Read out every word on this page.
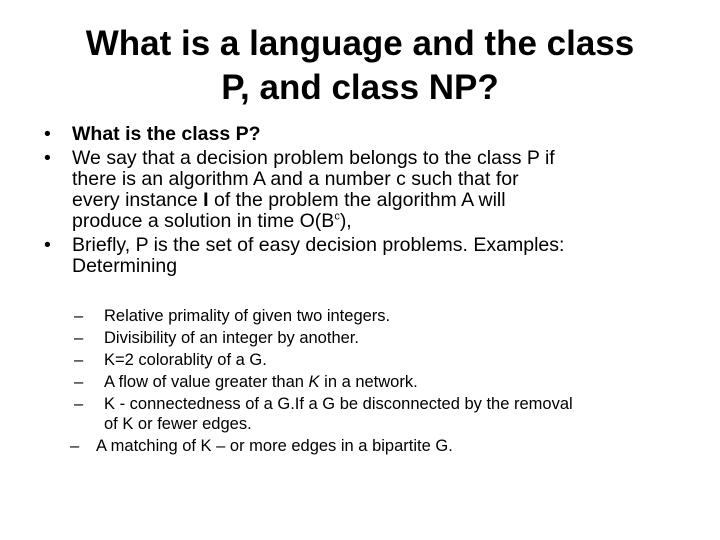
What is a language and the class
P, and class NP?
• What is the class P?
• We say that a decision problem belongs to the class P if
there is an algorithm A and a number c such that for
every instance I of the problem the algorithm A will
produce a solution in time $O(B^c)$,
• Briefly, P is the set of easy decision problems. Examples:
Determining
– Relative primality of given two integers.
– Divisibility of an integer by another.
– K=2 colorablity of a G.
– A flow of value greater than K in a network.
– K - connectedness of a G.If a G be disconnected by the removal
of K or fewer edges.
– A matching of K – or more edges in a bipartite G.
